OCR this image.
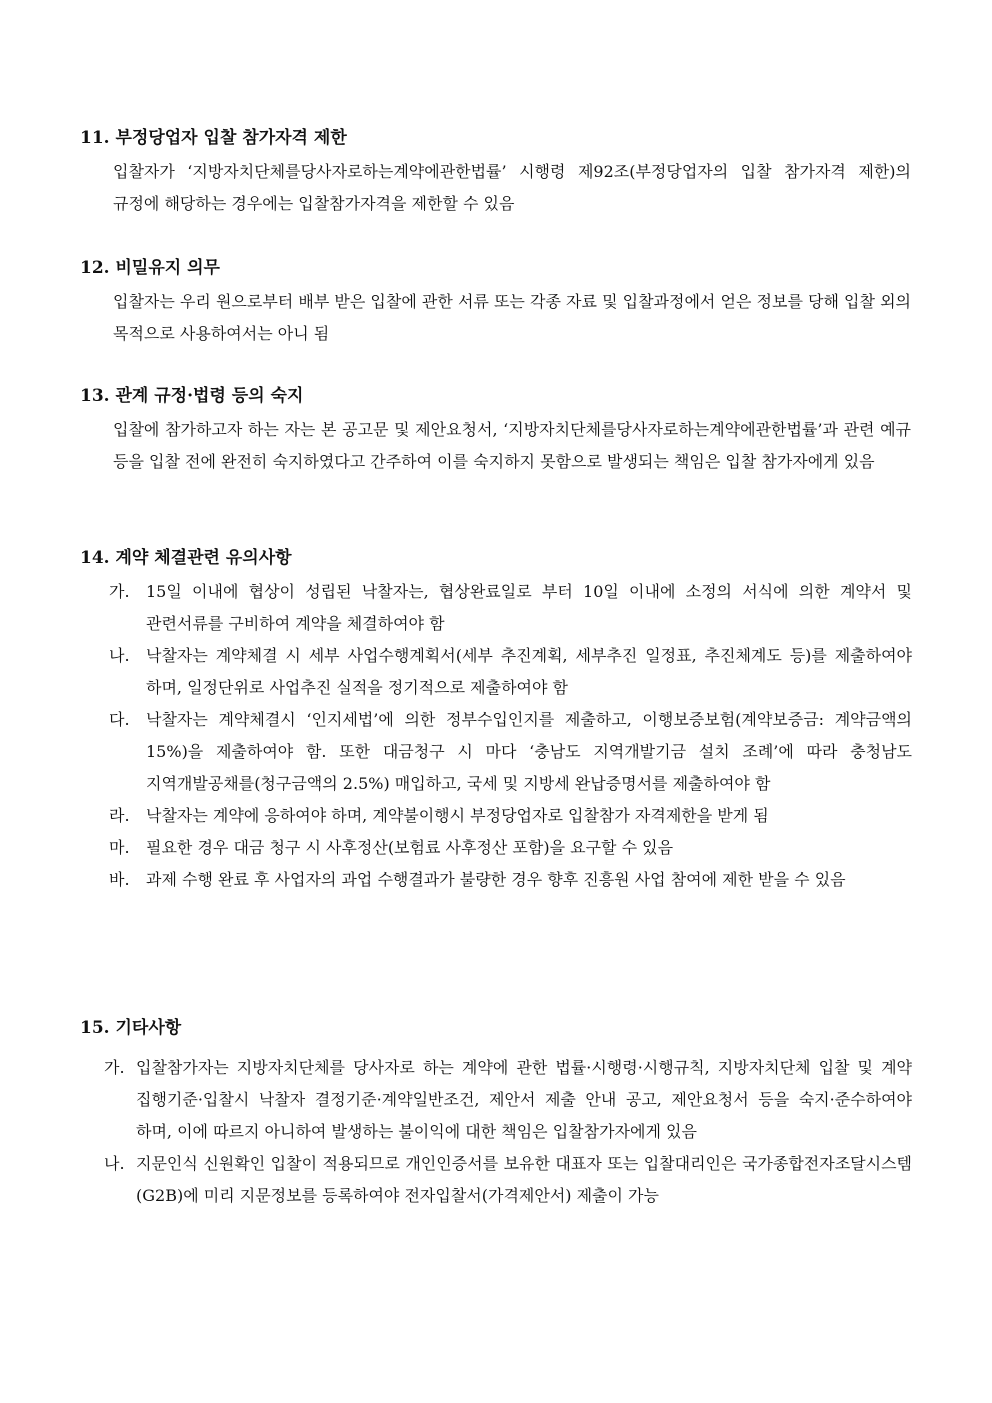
11. 부정당업자 입찰 참가자격 제한

입찰자가 ‘지방자치단체를당사자로하는계약에관한법률’ 시행령 제92조(부정당업자의 입찰 참가자격 제한)의 규정에 해당하는 경우에는 입찰참가자격을 제한할 수 있음

12. 비밀유지 의무

입찰자는 우리 원으로부터 배부 받은 입찰에 관한 서류 또는 각종 자료 및 입찰과정에서 얻은 정보를 당해 입찰 외의 목적으로 사용하여서는 아니 됨

13. 관계 규정·법령 등의 숙지

입찰에 참가하고자 하는 자는 본 공고문 및 제안요청서, ‘지방자치단체를당사자로하는계약에관한법률’과 관련 예규 등을 입찰 전에 완전히 숙지하였다고 간주하여 이를 숙지하지 못함으로 발생되는 책임은 입찰 참가자에게 있음

14. 계약 체결관련 유의사항
가. 15일 이내에 협상이 성립된 낙찰자는, 협상완료일로 부터 10일 이내에 소정의 서식에 의한 계약서 및 관련서류를 구비하여 계약을 체결하여야 함
나. 낙찰자는 계약체결 시 세부 사업수행계획서(세부 추진계획, 세부추진 일정표, 추진체계도 등)를 제출하여야 하며, 일정단위로 사업추진 실적을 정기적으로 제출하여야 함
다. 낙찰자는 계약체결시 ‘인지세법’에 의한 정부수입인지를 제출하고, 이행보증보험(계약보증금: 계약금액의 15%)을 제출하여야 함. 또한 대금청구 시 마다 ‘충남도 지역개발기금 설치 조례’에 따라 충청남도 지역개발공채를(청구금액의 2.5%) 매입하고, 국세 및 지방세 완납증명서를 제출하여야 함
라. 낙찰자는 계약에 응하여야 하며, 계약불이행시 부정당업자로 입찰참가 자격제한을 받게 됨
마. 필요한 경우 대금 청구 시 사후정산(보험료 사후정산 포함)을 요구할 수 있음
바. 과제 수행 완료 후 사업자의 과업 수행결과가 불량한 경우 향후 진흥원 사업 참여에 제한 받을 수 있음
15. 기타사항
가. 입찰참가자는 지방자치단체를 당사자로 하는 계약에 관한 법률·시행령·시행규칙, 지방자치단체 입찰 및 계약 집행기준·입찰시 낙찰자 결정기준·계약일반조건, 제안서 제출 안내 공고, 제안요청서 등을 숙지·준수하여야 하며, 이에 따르지 아니하여 발생하는 불이익에 대한 책임은 입찰참가자에게 있음
나. 지문인식 신원확인 입찰이 적용되므로 개인인증서를 보유한 대표자 또는 입찰대리인은 국가종합전자조달시스템(G2B)에 미리 지문정보를 등록하여야 전자입찰서(가격제안서) 제출이 가능
